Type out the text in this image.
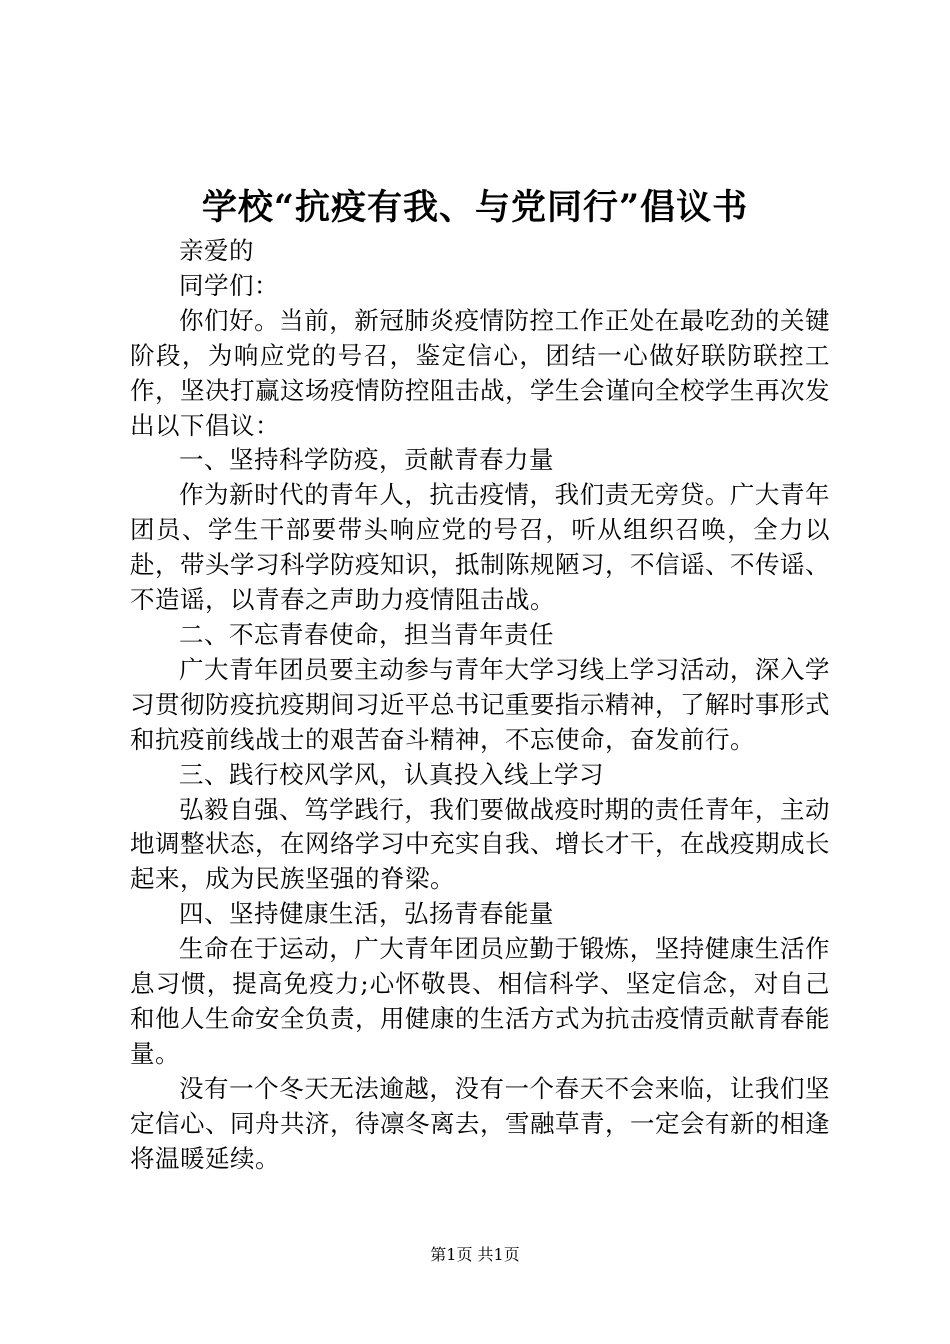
学校“抗疫有我、与党同行”倡议书

亲爱的

同学们：

你们好。当前，新冠肺炎疫情防控工作正处在最吃劲的关键阶段，为响应党的号召，鉴定信心，团结一心做好联防联控工作，坚决打赢这场疫情防控阻击战，学生会谨向全校学生再次发出以下倡议：

一、坚持科学防疫，贡献青春力量

作为新时代的青年人，抗击疫情，我们责无旁贷。广大青年团员、学生干部要带头响应党的号召，听从组织召唤，全力以赴，带头学习科学防疫知识，抵制陈规陋习，不信谣、不传谣、不造谣，以青春之声助力疫情阻击战。

二、不忘青春使命，担当青年责任

广大青年团员要主动参与青年大学习线上学习活动，深入学习贯彻防疫抗疫期间习近平总书记重要指示精神，了解时事形式和抗疫前线战士的艰苦奋斗精神，不忘使命，奋发前行。

三、践行校风学风，认真投入线上学习

弘毅自强、笃学践行，我们要做战疫时期的责任青年，主动地调整状态，在网络学习中充实自我、增长才干，在战疫期成长起来，成为民族坚强的脊梁。

四、坚持健康生活，弘扬青春能量

生命在于运动，广大青年团员应勤于锻炼，坚持健康生活作息习惯，提高免疫力;心怀敬畏、相信科学、坚定信念，对自己和他人生命安全负责，用健康的生活方式为抗击疫情贡献青春能量。

没有一个冬天无法逾越，没有一个春天不会来临，让我们坚定信心、同舟共济，待凛冬离去，雪融草青，一定会有新的相逢将温暖延续。

第1页 共1页
